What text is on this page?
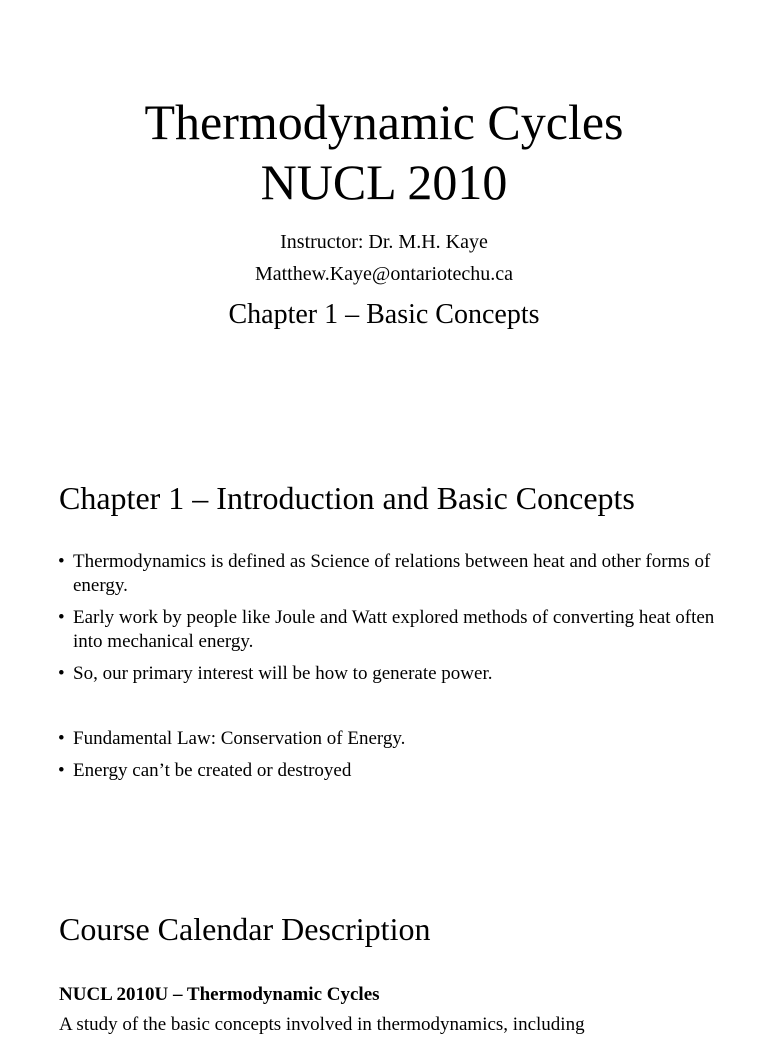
Thermodynamic Cycles
NUCL 2010

Instructor: Dr. M.H. Kaye

Matthew.Kaye@ontariotechu.ca

Chapter 1 – Basic Concepts

Chapter 1 – Introduction and Basic Concepts
• Thermodynamics is defined as Science of relations between heat and other forms of energy.
• Early work by people like Joule and Watt explored methods of converting heat often into mechanical energy.
• So, our primary interest will be how to generate power.
• Fundamental Law: Conservation of Energy.
• Energy can’t be created or destroyed
Course Calendar Description

NUCL 2010U – Thermodynamic Cycles

A study of the basic concepts involved in thermodynamics, including
